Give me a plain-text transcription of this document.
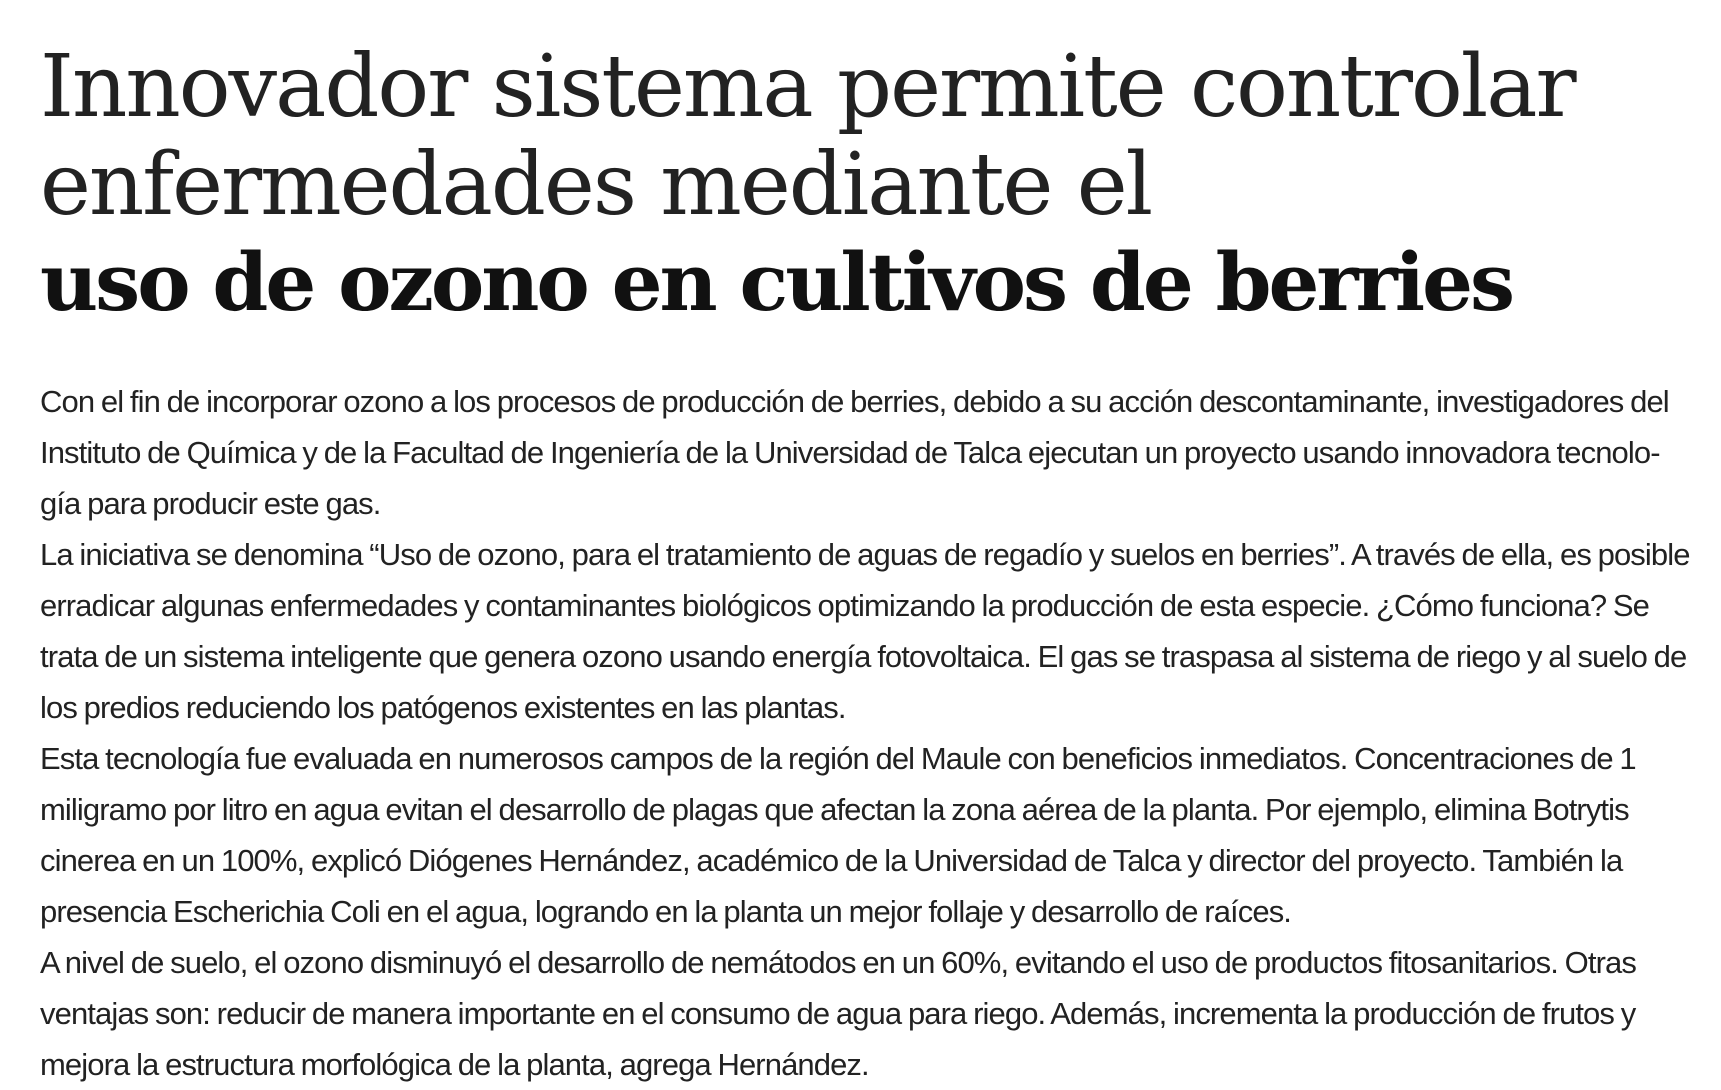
Innovador sistema permite controlar
enfermedades mediante el
uso de ozono en cultivos de berries

Con el fin de incorporar ozono a los procesos de producción de berries, debido a su acción descontaminante, investigadores del Instituto de Química y de la Facultad de Ingeniería de la Universidad de Talca ejecutan un proyecto usando innovadora tecnología para producir este gas.

La iniciativa se denomina “Uso de ozono, para el tratamiento de aguas de regadío y suelos en berries”. A través de ella, es posible erradicar algunas enfermedades y contaminantes biológicos optimizando la producción de esta especie. ¿Cómo funciona? Se trata de un sistema inteligente que genera ozono usando energía fotovoltaica. El gas se traspasa al sistema de riego y al suelo de los predios reduciendo los patógenos existentes en las plantas.

Esta tecnología fue evaluada en numerosos campos de la región del Maule con beneficios inmediatos. Concentraciones de 1 miligramo por litro en agua evitan el desarrollo de plagas que afectan la zona aérea de la planta. Por ejemplo, elimina Botrytis cinerea en un 100%, explicó Diógenes Hernández, académico de la Universidad de Talca y director del proyecto. También la presencia Escherichia Coli en el agua, logrando en la planta un mejor follaje y desarrollo de raíces.

A nivel de suelo, el ozono disminuyó el desarrollo de nemátodos en un 60%, evitando el uso de productos fitosanitarios. Otras ventajas son: reducir de manera importante en el consumo de agua para riego. Además, incrementa la producción de frutos y mejora la estructura morfológica de la planta, agrega Hernández.
